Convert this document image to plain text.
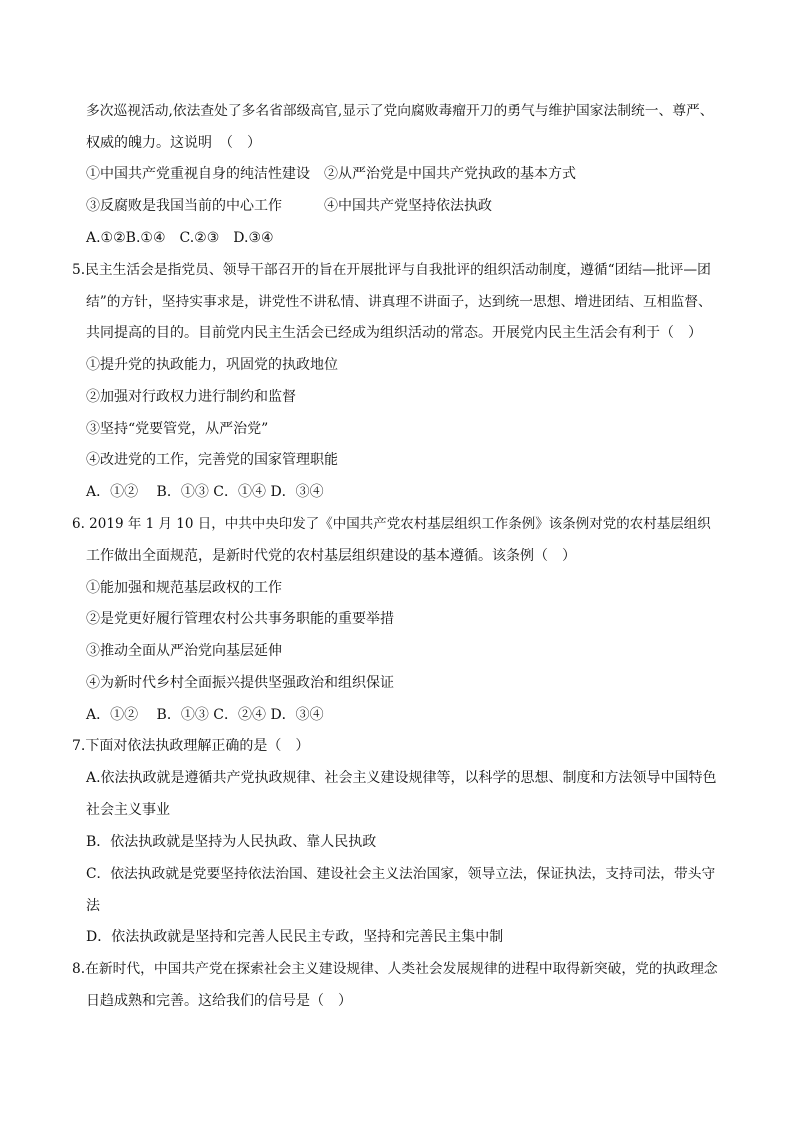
多次巡视活动,依法查处了多名省部级高官,显示了党向腐败毒瘤开刀的勇气与维护国家法制统一、尊严、
权威的魄力。这说明　（　）
①中国共产党重视自身的纯洁性建设　②从严治党是中国共产党执政的基本方式
③反腐败是我国当前的中心工作　　　④中国共产党坚持依法执政
A.①②B.①④　C.②③　D.③④
5.民主生活会是指党员、领导干部召开的旨在开展批评与自我批评的组织活动制度，遵循“团结—批评—团
结”的方针，坚持实事求是，讲党性不讲私情、讲真理不讲面子，达到统一思想、增进团结、互相监督、
共同提高的目的。目前党内民主生活会已经成为组织活动的常态。开展党内民主生活会有利于（　）
①提升党的执政能力，巩固党的执政地位
②加强对行政权力进行制约和监督
③坚持“党要管党，从严治党”
④改进党的工作，完善党的国家管理职能
A．①②　 B．①③ C．①④ D．③④
6. 2019 年 1 月 10 日，中共中央印发了《中国共产党农村基层组织工作条例》该条例对党的农村基层组织
工作做出全面规范，是新时代党的农村基层组织建设的基本遵循。该条例（　）
①能加强和规范基层政权的工作
②是党更好履行管理农村公共事务职能的重要举措
③推动全面从严治党向基层延伸
④为新时代乡村全面振兴提供坚强政治和组织保证
A．①②　 B．①③ C．②④ D．③④
7.下面对依法执政理解正确的是（　）
A.依法执政就是遵循共产党执政规律、社会主义建设规律等，以科学的思想、制度和方法领导中国特色
社会主义事业
B．依法执政就是坚持为人民执政、靠人民执政
C．依法执政就是党要坚持依法治国、建设社会主义法治国家，领导立法，保证执法，支持司法，带头守
法
D．依法执政就是坚持和完善人民民主专政，坚持和完善民主集中制
8.在新时代，中国共产党在探索社会主义建设规律、人类社会发展规律的进程中取得新突破，党的执政理念
日趋成熟和完善。这给我们的信号是（　）
